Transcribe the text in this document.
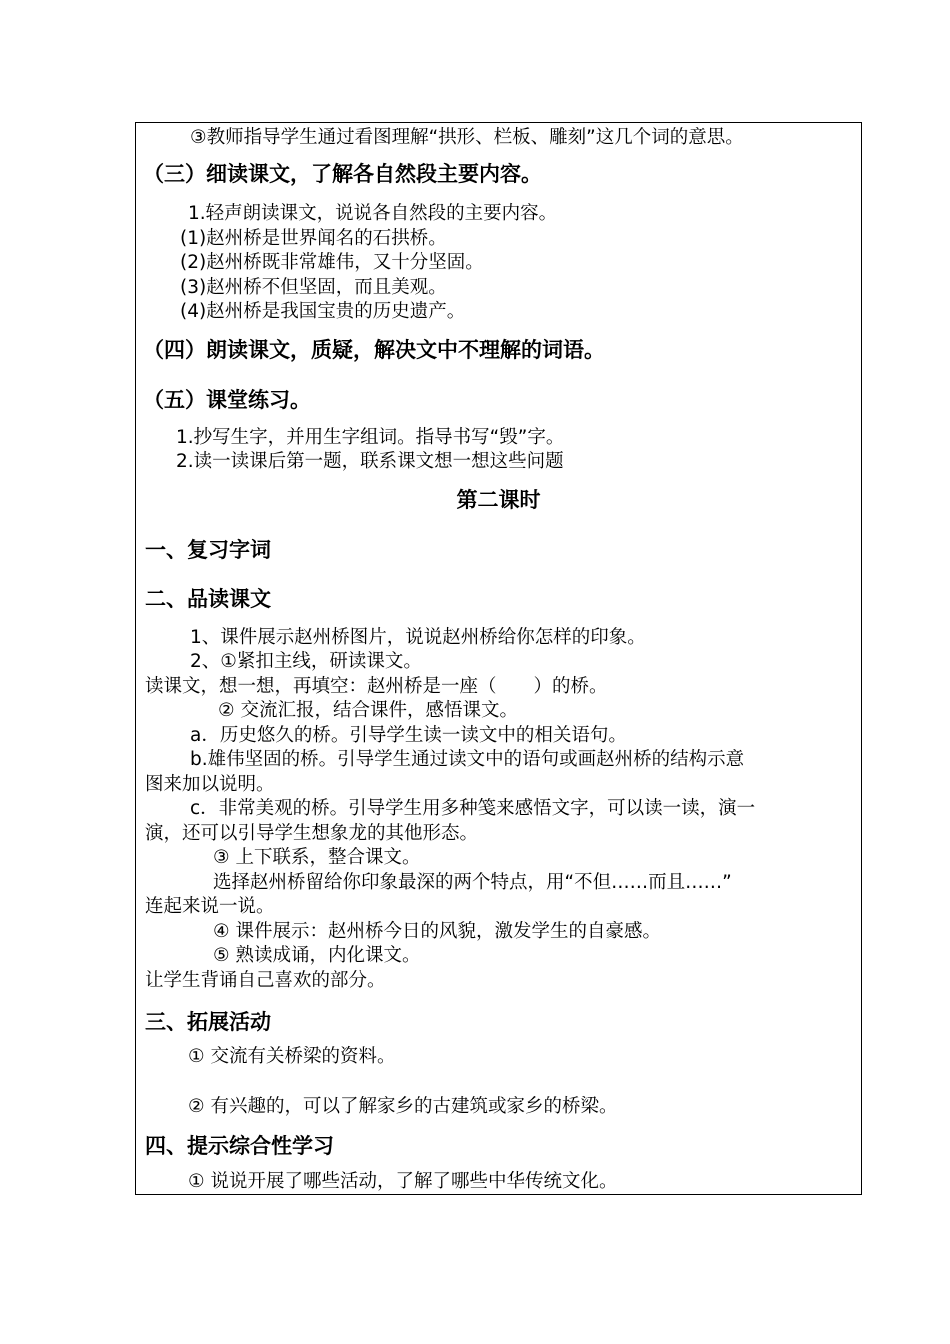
③教师指导学生通过看图理解“拱形、栏板、雕刻”这几个词的意思。
（三）细读课文，了解各自然段主要内容。
1.轻声朗读课文，说说各自然段的主要内容。
(1)赵州桥是世界闻名的石拱桥。
(2)赵州桥既非常雄伟，又十分坚固。
(3)赵州桥不但坚固，而且美观。
(4)赵州桥是我国宝贵的历史遗产。
（四）朗读课文，质疑，解决文中不理解的词语。
（五）课堂练习。
1.抄写生字，并用生字组词。指导书写“毁”字。
2.读一读课后第一题，联系课文想一想这些问题
第二课时
一、复习字词
二、品读课文
1、课件展示赵州桥图片，说说赵州桥给你怎样的印象。
2、①紧扣主线，研读课文。
读课文，想一想，再填空：赵州桥是一座（　　）的桥。
② 交流汇报，结合课件，感悟课文。
a．历史悠久的桥。引导学生读一读文中的相关语句。
b.雄伟坚固的桥。引导学生通过读文中的语句或画赵州桥的结构示意
图来加以说明。
c．非常美观的桥。引导学生用多种笺来感悟文字，可以读一读，演一
演，还可以引导学生想象龙的其他形态。
③ 上下联系，整合课文。
选择赵州桥留给你印象最深的两个特点，用“不但……而且……”
连起来说一说。
④ 课件展示：赵州桥今日的风貌，激发学生的自豪感。
⑤ 熟读成诵，内化课文。
让学生背诵自己喜欢的部分。
三、拓展活动
① 交流有关桥梁的资料。
② 有兴趣的，可以了解家乡的古建筑或家乡的桥梁。
四、提示综合性学习
① 说说开展了哪些活动，了解了哪些中华传统文化。
